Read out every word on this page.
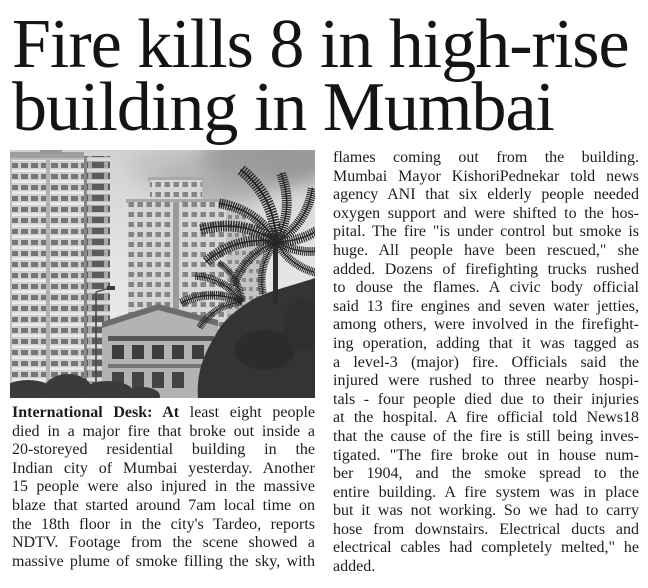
Fire kills 8 in high-rise
building in Mumbai
International Desk: At least eight people
died in a major fire that broke out inside a
20-storeyed residential building in the
Indian city of Mumbai yesterday. Another
15 people were also injured in the massive
blaze that started around 7am local time on
the 18th floor in the city's Tardeo, reports
NDTV. Footage from the scene showed a
massive plume of smoke filling the sky, with
flames coming out from the building.
Mumbai Mayor KishoriPednekar told news
agency ANI that six elderly people needed
oxygen support and were shifted to the hos-
pital. The fire "is under control but smoke is
huge. All people have been rescued," she
added. Dozens of firefighting trucks rushed
to douse the flames. A civic body official
said 13 fire engines and seven water jetties,
among others, were involved in the firefight-
ing operation, adding that it was tagged as
a level-3 (major) fire. Officials said the
injured were rushed to three nearby hospi-
tals - four people died due to their injuries
at the hospital. A fire official told News18
that the cause of the fire is still being inves-
tigated. "The fire broke out in house num-
ber 1904, and the smoke spread to the
entire building. A fire system was in place
but it was not working. So we had to carry
hose from downstairs. Electrical ducts and
electrical cables had completely melted," he
added.
